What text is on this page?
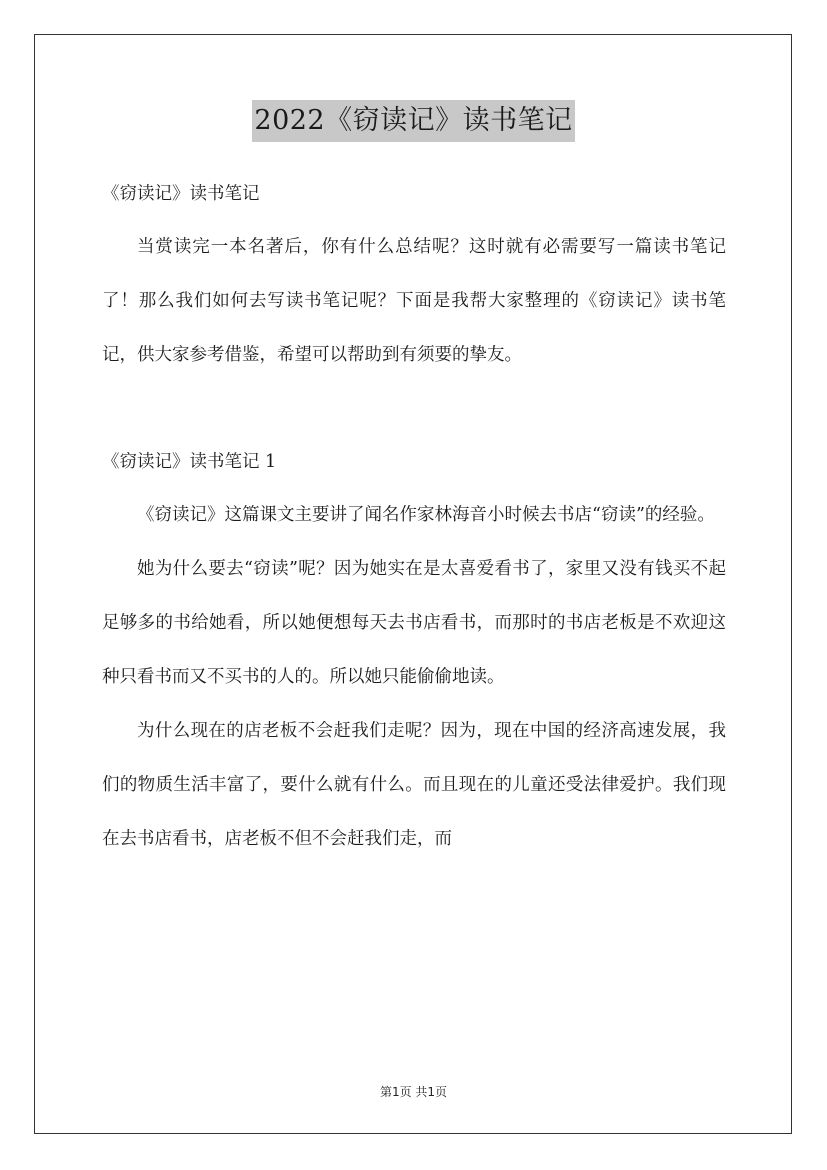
2022《窃读记》读书笔记

《窃读记》读书笔记

当赏读完一本名著后，你有什么总结呢？这时就有必需要写一篇读书笔记了！那么我们如何去写读书笔记呢？下面是我帮大家整理的《窃读记》读书笔记，供大家参考借鉴，希望可以帮助到有须要的挚友。

《窃读记》读书笔记 1

《窃读记》这篇课文主要讲了闻名作家林海音小时候去书店“窃读”的经验。

她为什么要去“窃读”呢？因为她实在是太喜爱看书了，家里又没有钱买不起足够多的书给她看，所以她便想每天去书店看书，而那时的书店老板是不欢迎这种只看书而又不买书的人的。所以她只能偷偷地读。

为什么现在的店老板不会赶我们走呢？因为，现在中国的经济高速发展，我们的物质生活丰富了，要什么就有什么。而且现在的儿童还受法律爱护。我们现在去书店看书，店老板不但不会赶我们走，而

第1页 共1页
